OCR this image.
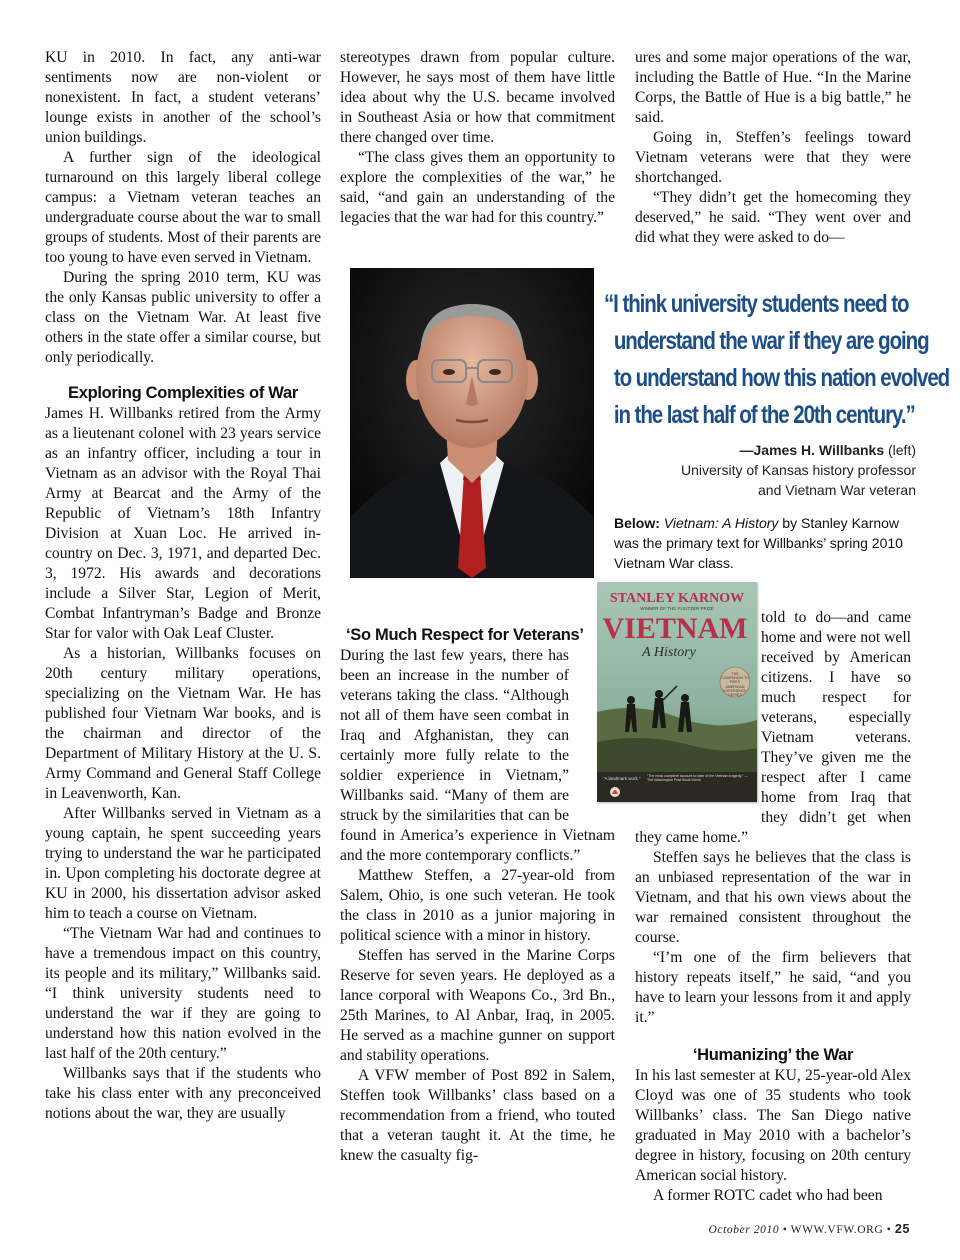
KU in 2010. In fact, any anti-war sentiments now are non-violent or nonexistent. In fact, a student veterans’ lounge exists in another of the school’s union buildings.

A further sign of the ideological turnaround on this largely liberal college campus: a Vietnam veteran teaches an undergraduate course about the war to small groups of students. Most of their parents are too young to have even served in Vietnam.

During the spring 2010 term, KU was the only Kansas public university to offer a class on the Vietnam War. At least five others in the state offer a similar course, but only periodically.

Exploring Complexities of War

James H. Willbanks retired from the Army as a lieutenant colonel with 23 years service as an infantry officer, including a tour in Vietnam as an advisor with the Royal Thai Army at Bearcat and the Army of the Republic of Vietnam’s 18th Infantry Division at Xuan Loc. He arrived in-country on Dec. 3, 1971, and departed Dec. 3, 1972. His awards and decorations include a Silver Star, Legion of Merit, Combat Infantryman’s Badge and Bronze Star for valor with Oak Leaf Cluster.

As a historian, Willbanks focuses on 20th century military operations, specializing on the Vietnam War. He has published four Vietnam War books, and is the chairman and director of the Department of Military History at the U. S. Army Command and General Staff College in Leavenworth, Kan.

After Willbanks served in Vietnam as a young captain, he spent succeeding years trying to understand the war he participated in. Upon completing his doctorate degree at KU in 2000, his dissertation advisor asked him to teach a course on Vietnam.

“The Vietnam War had and continues to have a tremendous impact on this country, its people and its military,” Willbanks said. “I think university students need to understand the war if they are going to understand how this nation evolved in the last half of the 20th century.”

Willbanks says that if the students who take his class enter with any preconceived notions about the war, they are usually

stereotypes drawn from popular culture. However, he says most of them have little idea about why the U.S. became involved in Southeast Asia or how that commitment there changed over time.

“The class gives them an opportunity to explore the complexities of the war,” he said, “and gain an understanding of the legacies that the war had for this country.”

“I think university students need to
understand the war if they are going
to understand how this nation evolved
in the last half of the 20th century.”
—James H. Willbanks (left)
University of Kansas history professor
and Vietnam War veteran
Below: Vietnam: A History by Stanley Karnow was the primary text for Willbanks’ spring 2010 Vietnam War class.
STANLEY KARNOW
WINNER OF THE PULITZER PRIZE
VIETNAM
A History
THE COMPANION TO PBS’S AMERICAN EXPERIENCE SERIES
“A landmark work.” “The most complete account to date of the Vietnam tragedy.” —The Washington Post Book World
‘So Much Respect for Veterans’

During the last few years, there has been an increase in the number of veterans taking the class. “Although not all of them have seen combat in Iraq and Afghanistan, they can certainly more fully relate to the soldier experience in Vietnam,” Willbanks said. “Many of them are struck by the similarities that can be found in America’s experience in Vietnam and the more contemporary conflicts.”

Matthew Steffen, a 27-year-old from Salem, Ohio, is one such veteran. He took the class in 2010 as a junior majoring in political science with a minor in history.

Steffen has served in the Marine Corps Reserve for seven years. He deployed as a lance corporal with Weapons Co., 3rd Bn., 25th Marines, to Al Anbar, Iraq, in 2005. He served as a machine gunner on support and stability operations.

A VFW member of Post 892 in Salem, Steffen took Willbanks’ class based on a recommendation from a friend, who touted that a veteran taught it. At the time, he knew the casualty fig-

ures and some major operations of the war, including the Battle of Hue. “In the Marine Corps, the Battle of Hue is a big battle,” he said.

Going in, Steffen’s feelings toward Vietnam veterans were that they were shortchanged.

“They didn’t get the homecoming they deserved,” he said. “They went over and did what they were asked to do—

told to do—and came home and were not well received by American citizens. I have so much respect for veterans, especially Vietnam veterans. They’ve given me the respect after I came home from Iraq that they didn’t get when they came home.”

Steffen says he believes that the class is an unbiased representation of the war in Vietnam, and that his own views about the war remained consistent throughout the course.

“I’m one of the firm believers that history repeats itself,” he said, “and you have to learn your lessons from it and apply it.”

‘Humanizing’ the War

In his last semester at KU, 25-year-old Alex Cloyd was one of 35 students who took Willbanks’ class. The San Diego native graduated in May 2010 with a bachelor’s degree in history, focusing on 20th century American social history.

A former ROTC cadet who had been

October 2010 • WWW.VFW.ORG • 25
